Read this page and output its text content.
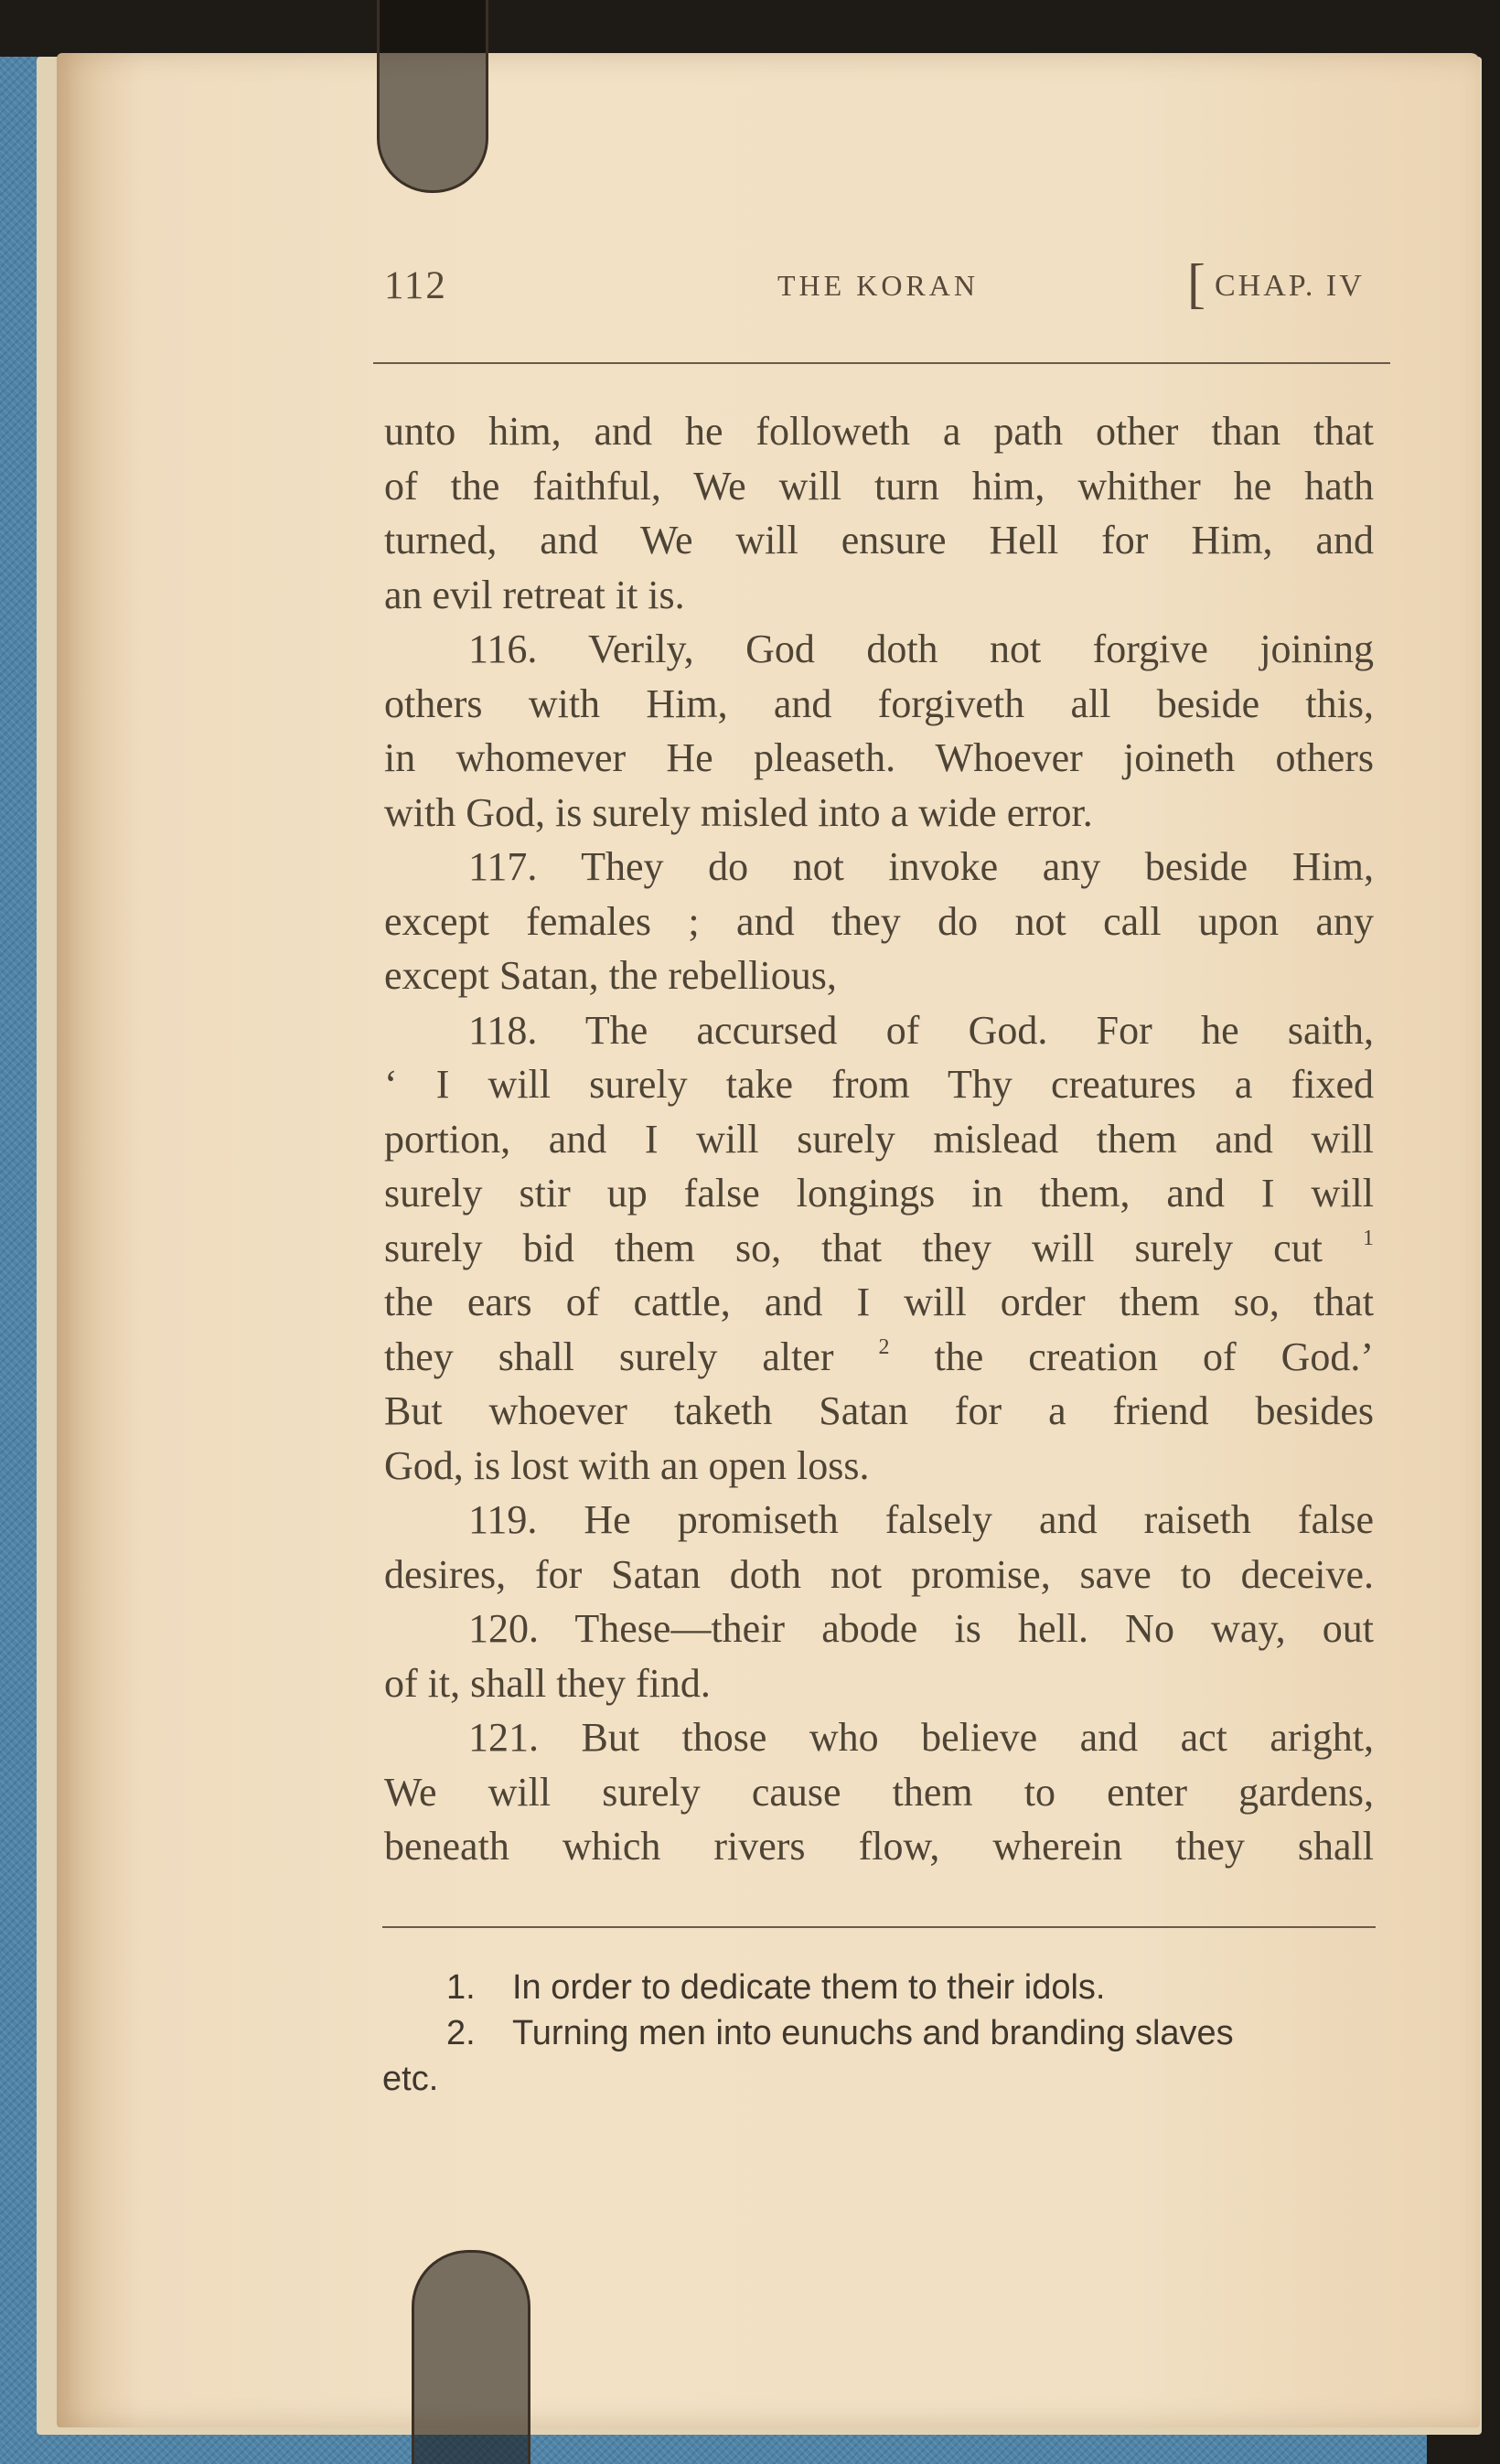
112	THE KORAN	[ CHAP. IV
unto him, and he followeth a path other than that
of the faithful, We will turn him, whither he hath
turned, and We will ensure Hell for Him, and
an evil retreat it is.
116. Verily, God doth not forgive joining
others with Him, and forgiveth all beside this,
in whomever He pleaseth. Whoever joineth others
with God, is surely misled into a wide error.
117. They do not invoke any beside Him,
except females ; and they do not call upon any
except Satan, the rebellious,
118. The accursed of God. For he saith,
‘ I will surely take from Thy creatures a fixed
portion, and I will surely mislead them and will
surely stir up false longings in them, and I will
surely bid them so, that they will surely cut $^1$
the ears of cattle, and I will order them so, that
they shall surely alter $^2$ the creation of God.’
But whoever taketh Satan for a friend besides
God, is lost with an open loss.
119. He promiseth falsely and raiseth false
desires, for Satan doth not promise, save to deceive.
120. These—their abode is hell. No way, out
of it, shall they find.
121. But those who believe and act aright,
We will surely cause them to enter gardens,
beneath which rivers flow, wherein they shall
1. In order to dedicate them to their idols.
2. Turning men into eunuchs and branding slaves
etc.
